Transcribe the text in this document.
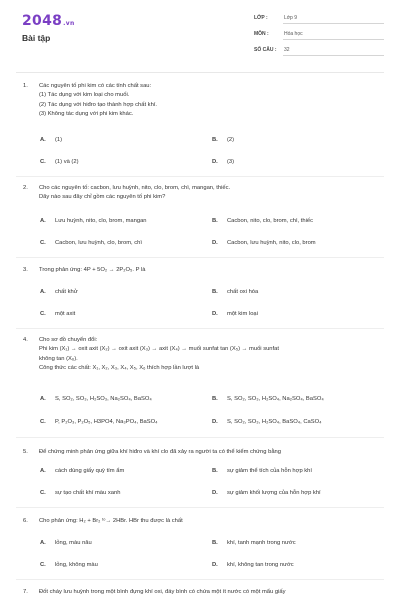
2048.vn
Bài tập
LỚP :	Lớp 9
MÔN :	Hóa học
SỐ CÂU : 32
1. Các nguyên tố phi kim có các tính chất sau:
(1) Tác dụng với kim loại cho muối.
(2) Tác dụng với hiđro tạo thành hợp chất khí.
(3) Không tác dụng với phi kim khác.
A. (1)	B. (2)
C. (1) và (2)	D. (3)
2. Cho các nguyên tố: cacbon, lưu huỳnh, nito, clo, brom, chì, mangan, thiếc.
Dãy nào sau đây chỉ gồm các nguyên tố phi kim?
A. Lưu huỳnh, nito, clo, brom, mangan	B. Cacbon, nito, clo, brom, chì, thiếc
C. Cacbon, lưu huỳnh, clo, brom, chì	D. Cacbon, lưu huỳnh, nito, clo, brom
3. Trong phản ứng: 4P + 5O₂ → 2P₂O₅. P là
A. chất khử	B. chất oxi hóa
C. một axit	D. một kim loại
4. Cho sơ đồ chuyển đổi:
Phi kim (X₁) → oxit axit (X₂) → oxit axit (X₃) → axit (X₄) → muối sunfat tan (X₅) → muối sunfat
không tan (X₆).
Công thức các chất: X₁, X₂, X₃, X₄, X₅, X₆ thích hợp lần lượt là
A. S, SO₂, SO₃, H₂SO₃, Na₂SO₄, BaSO₄	B. S, SO₂, SO₃, H₂SO₄, Na₂SO₄, BaSO₄
C. P, P₂O₃, P₂O₅, H3PO4, Na₃PO₄, BaSO₄	D. S, SO₂, SO₃, H₂SO₄, BaSO₄, CaSO₄
5. Để chứng minh phản ứng giữa khí hiđro và khí clo đã xảy ra người ta có thể kiểm chứng bằng
A. cách dùng giấy quỳ tím ẩm	B. sự giảm thể tích của hỗn hợp khí
C. sự tạo chất khí màu xanh	D. sự giảm khối lượng của hỗn hợp khí
6. Cho phản ứng: H₂ + Br₂ ᵗᵒ→ 2HBr. HBr thu được là chất
A. lỏng, màu nâu	B. khí, tanh mạnh trong nước
C. lỏng, không màu	D. khí, không tan trong nước
7. Đốt cháy lưu huỳnh trong một bình đựng khí oxi, đáy bình có chứa một ít nước có một mẩu giấy
